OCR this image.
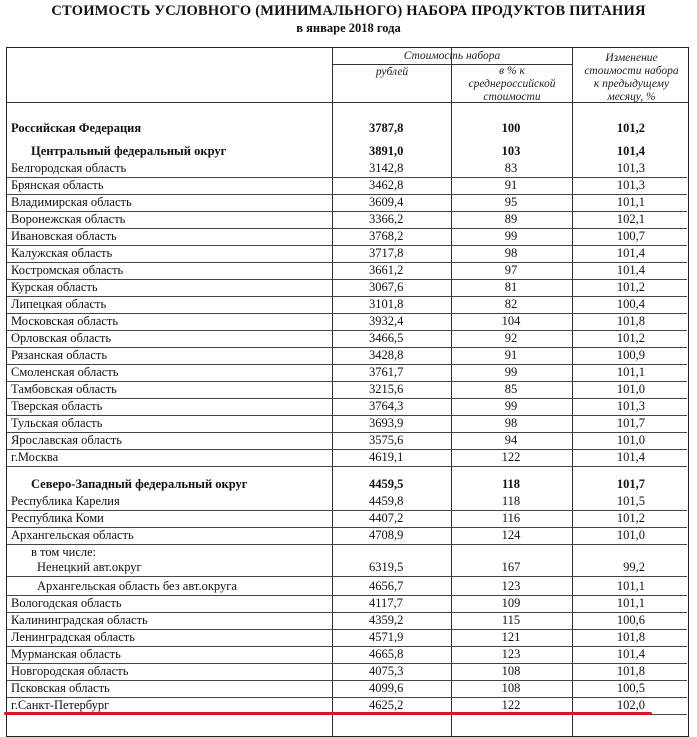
СТОИМОСТЬ УСЛОВНОГО (МИНИМАЛЬНОГО) НАБОРА ПРОДУКТОВ ПИТАНИЯ
в январе 2018 года
Стоимость набора
рублей	в % к
среднероссийской
стоимости
Изменение
стоимости набора
к предыдущему
месяцу, %
Российская Федерация	3787,8	100	101,2
Центральный федеральный округ	3891,0	103	101,4
Белгородская область	3142,8	83	101,3
Брянская область	3462,8	91	101,3
Владимирская область	3609,4	95	101,1
Воронежская область	3366,2	89	102,1
Ивановская область	3768,2	99	100,7
Калужская область	3717,8	98	101,4
Костромская область	3661,2	97	101,4
Курская область	3067,6	81	101,2
Липецкая область	3101,8	82	100,4
Московская область	3932,4	104	101,8
Орловская область	3466,5	92	101,2
Рязанская область	3428,8	91	100,9
Смоленская область	3761,7	99	101,1
Тамбовская область	3215,6	85	101,0
Тверская область	3764,3	99	101,3
Тульская область	3693,9	98	101,7
Ярославская область	3575,6	94	101,0
г.Москва	4619,1	122	101,4
Северо-Западный федеральный округ	4459,5	118	101,7
Республика Карелия	4459,8	118	101,5
Республика Коми	4407,2	116	101,2
Архангельская область	4708,9	124	101,0
в том числе:
Ненецкий авт.округ	6319,5	167	99,2
Архангельская область без авт.округа	4656,7	123	101,1
Вологодская область	4117,7	109	101,1
Калининградская область	4359,2	115	100,6
Ленинградская область	4571,9	121	101,8
Мурманская область	4665,8	123	101,4
Новгородская область	4075,3	108	101,8
Псковская область	4099,6	108	100,5
г.Санкт-Петербург	4625,2	122	102,0
